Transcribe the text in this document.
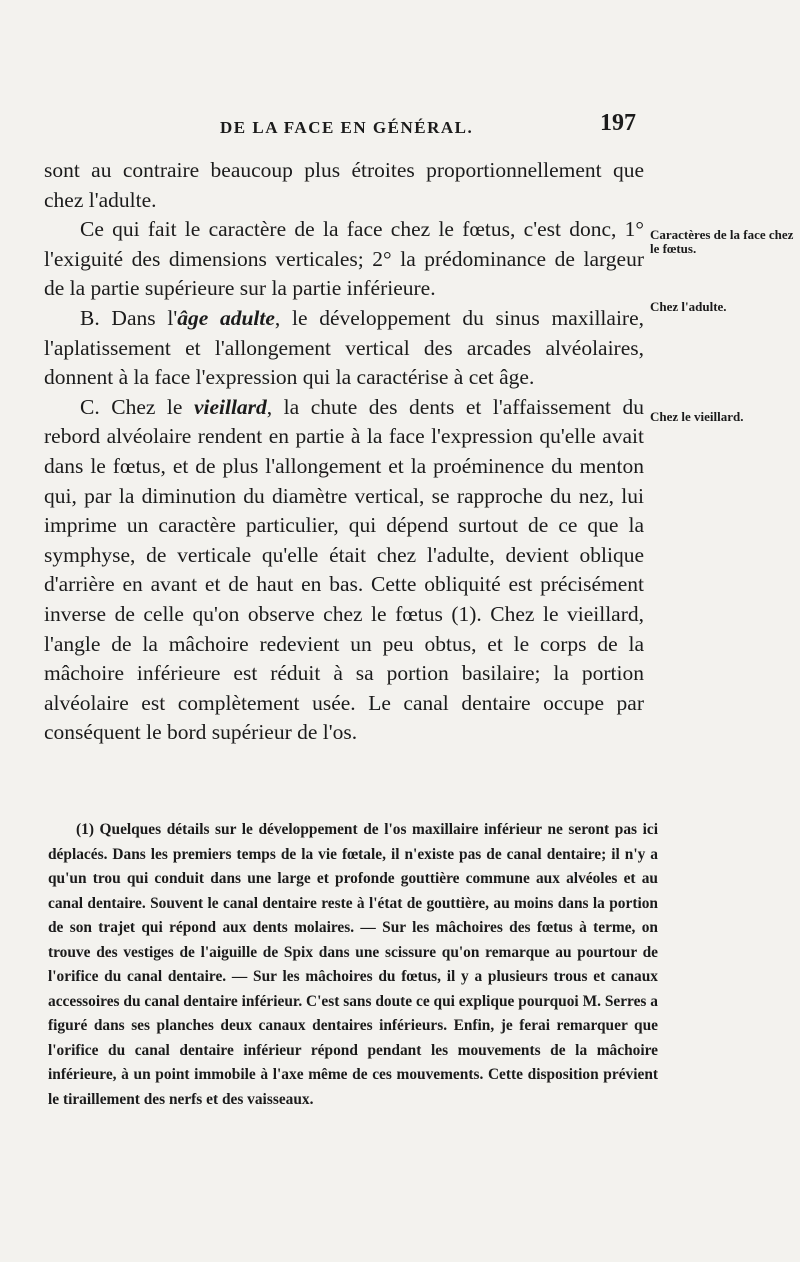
DE LA FACE EN GÉNÉRAL.	197

sont au contraire beaucoup plus étroites proportionnellement que chez l'adulte.

Ce qui fait le caractère de la face chez le fœtus, c'est donc, 1° l'exiguité des dimensions verticales; 2° la prédominance de largeur de la partie supérieure sur la partie inférieure.

B. Dans l'âge adulte, le développement du sinus maxillaire, l'aplatissement et l'allongement vertical des arcades alvéolaires, donnent à la face l'expression qui la caractérise à cet âge.

C. Chez le vieillard, la chute des dents et l'affaissement du rebord alvéolaire rendent en partie à la face l'expression qu'elle avait dans le fœtus, et de plus l'allongement et la proéminence du menton qui, par la diminution du diamètre vertical, se rapproche du nez, lui imprime un caractère particulier, qui dépend surtout de ce que la symphyse, de verticale qu'elle était chez l'adulte, devient oblique d'arrière en avant et de haut en bas. Cette obliquité est précisément inverse de celle qu'on observe chez le fœtus (1). Chez le vieillard, l'angle de la mâchoire redevient un peu obtus, et le corps de la mâchoire inférieure est réduit à sa portion basilaire; la portion alvéolaire est complètement usée. Le canal dentaire occupe par conséquent le bord supérieur de l'os.

Caractères de la face chez le fœtus.
Chez l'adulte.
Chez le vieillard.

(1) Quelques détails sur le développement de l'os maxillaire inférieur ne seront pas ici déplacés. Dans les premiers temps de la vie fœtale, il n'existe pas de canal dentaire; il n'y a qu'un trou qui conduit dans une large et profonde gouttière commune aux alvéoles et au canal dentaire. Souvent le canal dentaire reste à l'état de gouttière, au moins dans la portion de son trajet qui répond aux dents molaires. — Sur les mâchoires des fœtus à terme, on trouve des vestiges de l'aiguille de Spix dans une scissure qu'on remarque au pourtour de l'orifice du canal dentaire. — Sur les mâchoires du fœtus, il y a plusieurs trous et canaux accessoires du canal dentaire inférieur. C'est sans doute ce qui explique pourquoi M. Serres a figuré dans ses planches deux canaux dentaires inférieurs. Enfin, je ferai remarquer que l'orifice du canal dentaire inférieur répond pendant les mouvements de la mâchoire inférieure, à un point immobile à l'axe même de ces mouvements. Cette disposition prévient le tiraillement des nerfs et des vaisseaux.
